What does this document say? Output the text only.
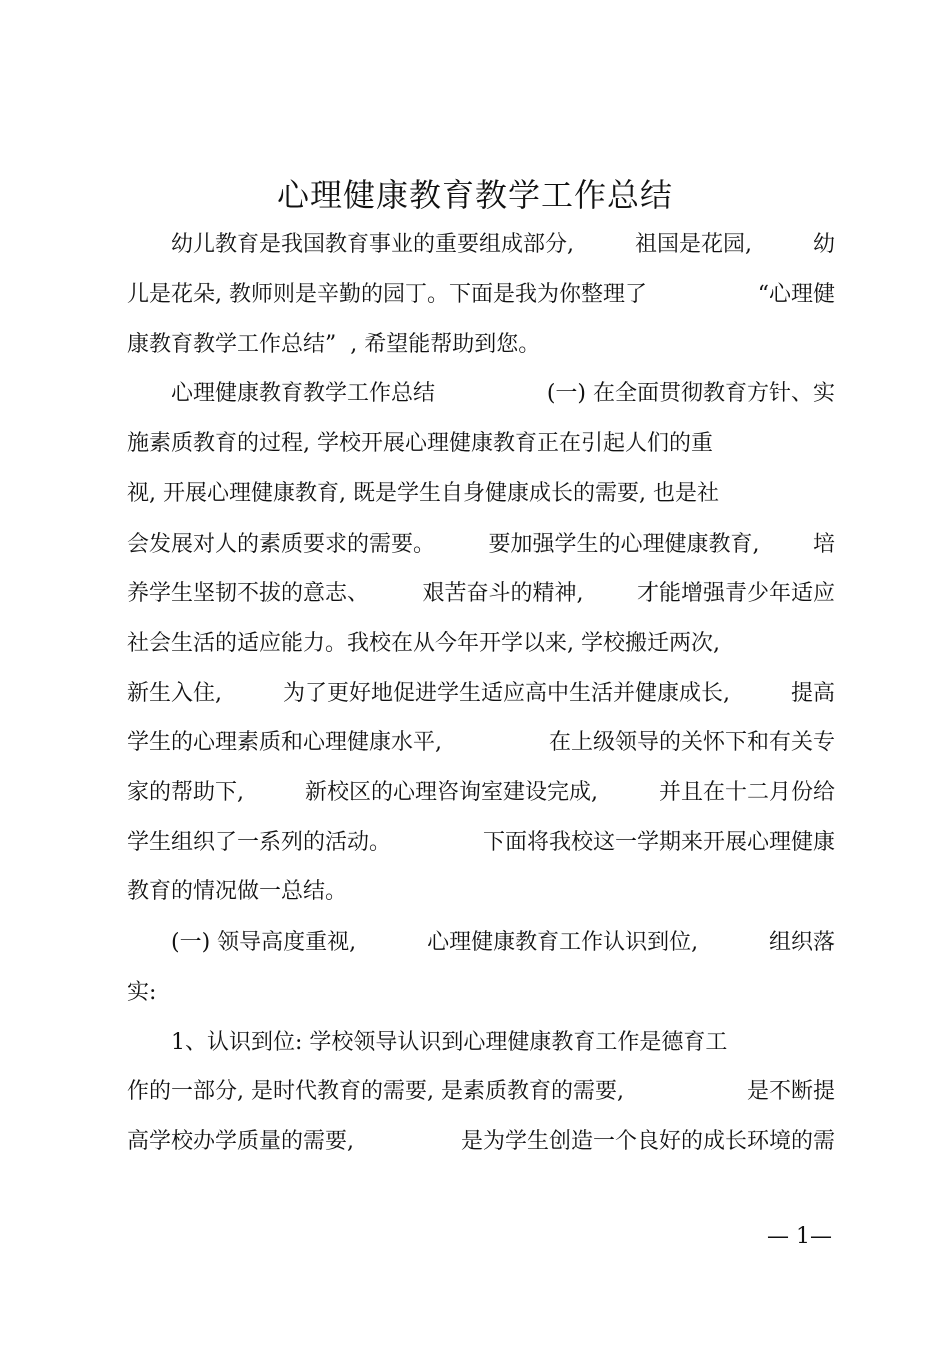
心理健康教育教学工作总结
　　幼儿教育是我国教育事业的重要组成部分,	祖国是花园,	幼
儿是花朵, 教师则是辛勤的园丁。下面是我为你整理了	“心理健
康教育教学工作总结”  , 希望能帮助到您。
　　心理健康教育教学工作总结	(一) 在全面贯彻教育方针、实
施素质教育的过程, 学校开展心理健康教育正在引起人们的重
视, 开展心理健康教育, 既是学生自身健康成长的需要, 也是社
会发展对人的素质要求的需要。 要加强学生的心理健康教育, 培
养学生坚韧不拔的意志、 艰苦奋斗的精神, 才能增强青少年适应
社会生活的适应能力。我校在从今年开学以来, 学校搬迁两次,
新生入住,	为了更好地促进学生适应高中生活并健康成长,	提高
学生的心理素质和心理健康水平,	在上级领导的关怀下和有关专
家的帮助下,	新校区的心理咨询室建设完成,	并且在十二月份给
学生组织了一系列的活动。	下面将我校这一学期来开展心理健康
教育的情况做一总结。
　　(一) 领导高度重视,	心理健康教育工作认识到位,	组织落
实:
　　1、认识到位: 学校领导认识到心理健康教育工作是德育工
作的一部分, 是时代教育的需要, 是素质教育的需要,	是不断提
高学校办学质量的需要,	是为学生创造一个良好的成长环境的需
— 1—
